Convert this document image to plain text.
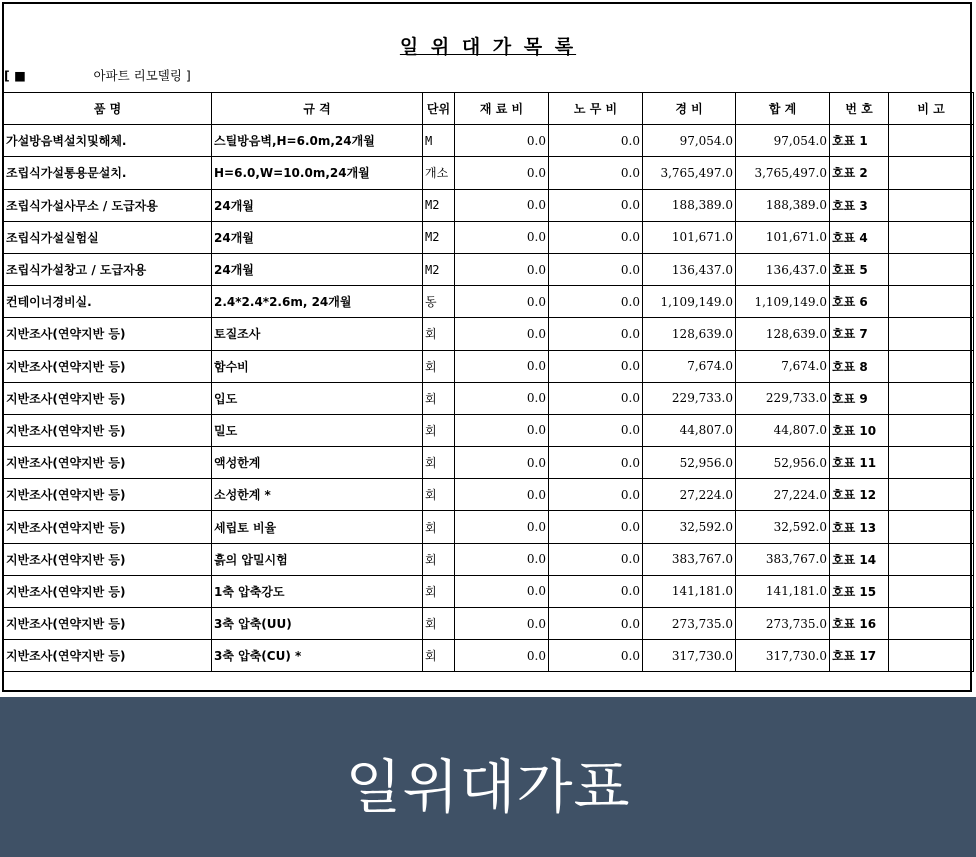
일 위 대 가 목 록
[ ■	아파트 리모델링 ]
품 명	규 격	단위	재 료 비	노 무 비	경 비	합 계	번 호	비 고
가설방음벽설치및해체.	스틸방음벽,H=6.0m,24개월	M	0.0	0.0	97,054.0	97,054.0	호표 1	
조립식가설통용문설치.	H=6.0,W=10.0m,24개월	개소	0.0	0.0	3,765,497.0	3,765,497.0	호표 2	
조립식가설사무소 / 도급자용	24개월	M2	0.0	0.0	188,389.0	188,389.0	호표 3	
조립식가설실험실	24개월	M2	0.0	0.0	101,671.0	101,671.0	호표 4	
조립식가설창고 / 도급자용	24개월	M2	0.0	0.0	136,437.0	136,437.0	호표 5	
컨테이너경비실.	2.4*2.4*2.6m, 24개월	동	0.0	0.0	1,109,149.0	1,109,149.0	호표 6	
지반조사(연약지반 등)	토질조사	회	0.0	0.0	128,639.0	128,639.0	호표 7	
지반조사(연약지반 등)	함수비	회	0.0	0.0	7,674.0	7,674.0	호표 8	
지반조사(연약지반 등)	입도	회	0.0	0.0	229,733.0	229,733.0	호표 9	
지반조사(연약지반 등)	밀도	회	0.0	0.0	44,807.0	44,807.0	호표 10	
지반조사(연약지반 등)	액성한계	회	0.0	0.0	52,956.0	52,956.0	호표 11	
지반조사(연약지반 등)	소성한계 *	회	0.0	0.0	27,224.0	27,224.0	호표 12	
지반조사(연약지반 등)	세립토 비율	회	0.0	0.0	32,592.0	32,592.0	호표 13	
지반조사(연약지반 등)	흙의 압밀시험	회	0.0	0.0	383,767.0	383,767.0	호표 14	
지반조사(연약지반 등)	1축 압축강도	회	0.0	0.0	141,181.0	141,181.0	호표 15	
지반조사(연약지반 등)	3축 압축(UU)	회	0.0	0.0	273,735.0	273,735.0	호표 16	
지반조사(연약지반 등)	3축 압축(CU) *	회	0.0	0.0	317,730.0	317,730.0	호표 17	
일위대가표
